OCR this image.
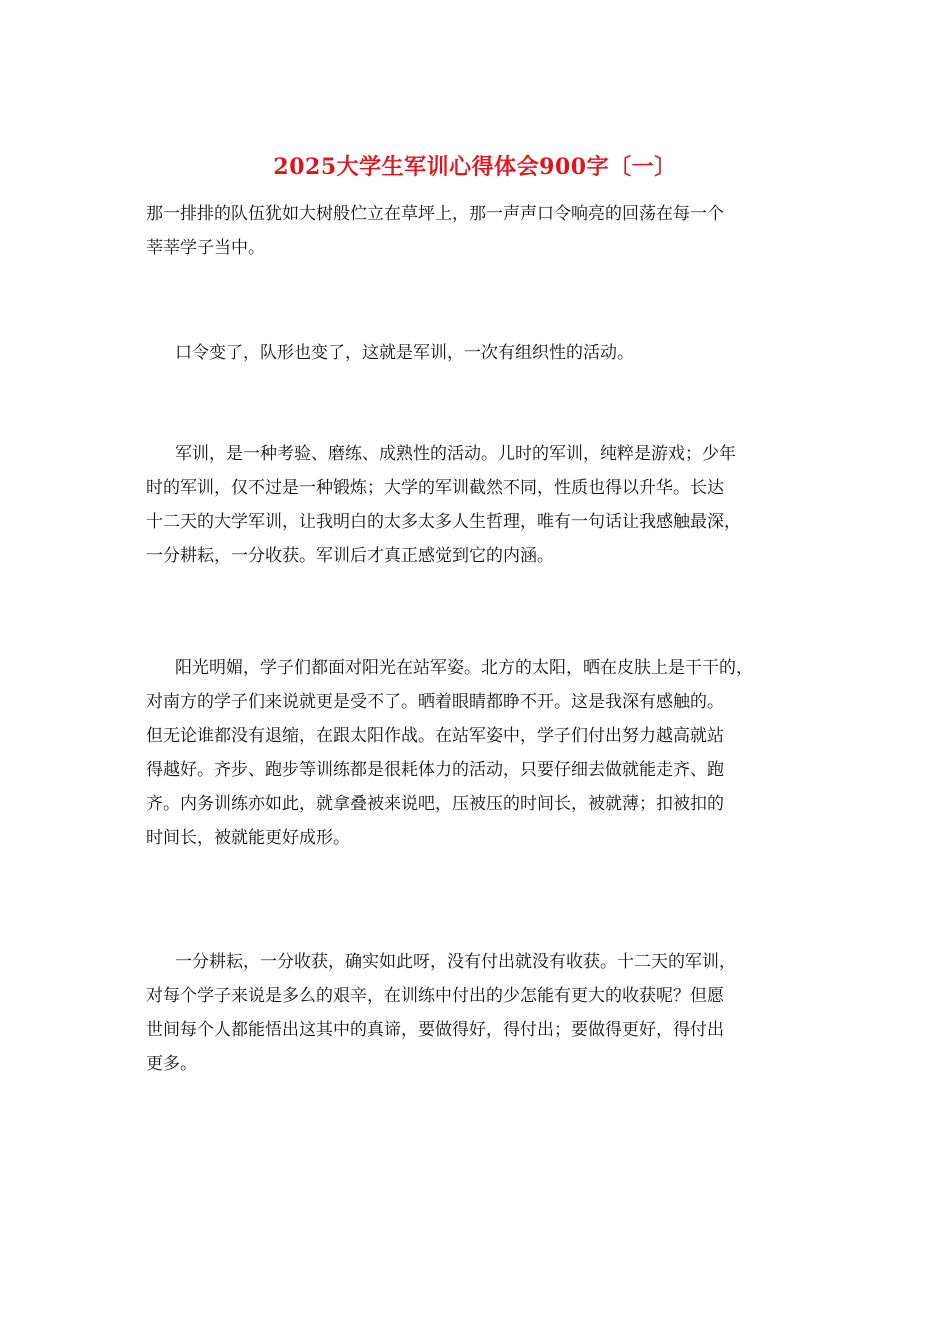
2025大学生军训心得体会900字〔一〕
那一排排的队伍犹如大树般伫立在草坪上，那一声声口令响亮的回荡在每一个
莘莘学子当中。
口令变了，队形也变了，这就是军训，一次有组织性的活动。
军训，是一种考验、磨练、成熟性的活动。儿时的军训，纯粹是游戏；少年
时的军训，仅不过是一种锻炼；大学的军训截然不同，性质也得以升华。长达
十二天的大学军训，让我明白的太多太多人生哲理，唯有一句话让我感触最深，
一分耕耘，一分收获。军训后才真正感觉到它的内涵。
阳光明媚，学子们都面对阳光在站军姿。北方的太阳，晒在皮肤上是干干的，
对南方的学子们来说就更是受不了。晒着眼睛都睁不开。这是我深有感触的。
但无论谁都没有退缩，在跟太阳作战。在站军姿中，学子们付出努力越高就站
得越好。齐步、跑步等训练都是很耗体力的活动，只要仔细去做就能走齐、跑
齐。内务训练亦如此，就拿叠被来说吧，压被压的时间长，被就薄；扣被扣的
时间长，被就能更好成形。
一分耕耘，一分收获，确实如此呀，没有付出就没有收获。十二天的军训，
对每个学子来说是多么的艰辛，在训练中付出的少怎能有更大的收获呢？但愿
世间每个人都能悟出这其中的真谛，要做得好，得付出；要做得更好，得付出
更多。
